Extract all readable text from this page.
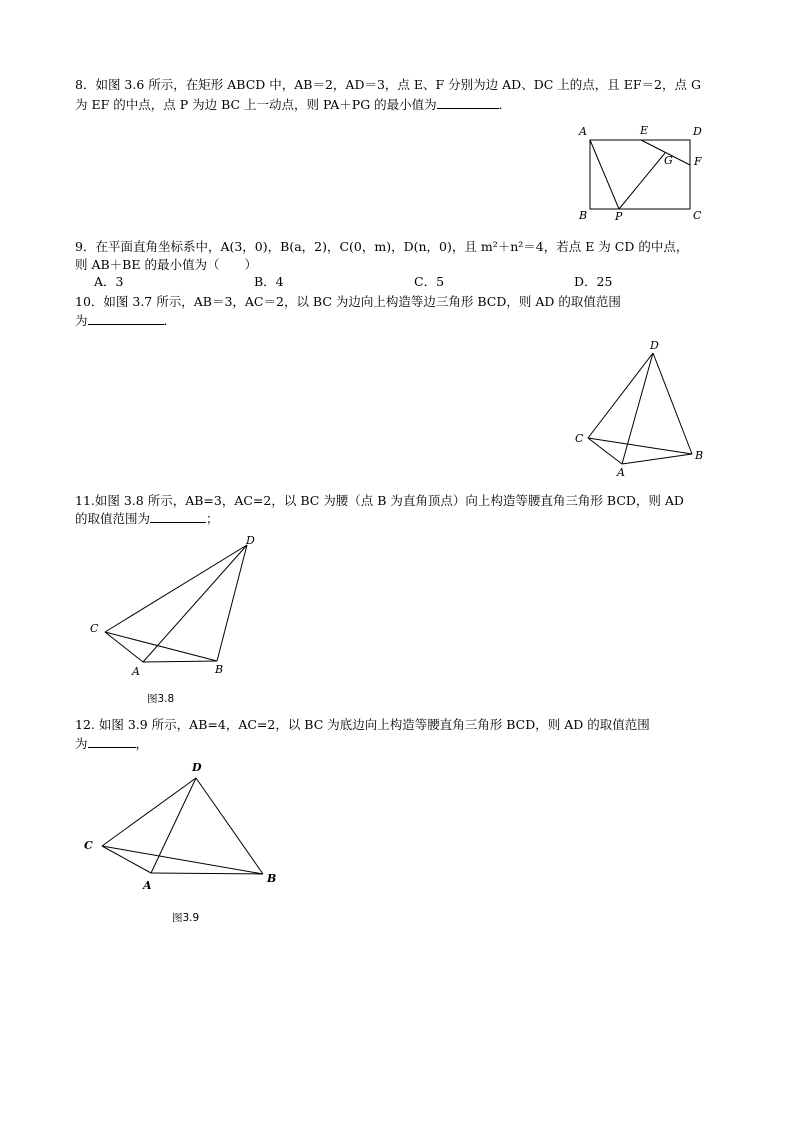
8．如图 3.6 所示，在矩形 ABCD 中，AB＝2，AD＝3，点 E、F 分别为边 AD、DC 上的点，且 EF＝2，点 G
为 EF 的中点，点 P 为边 BC 上一动点，则 PA＋PG 的最小值为	．
A	E	D
G F
B	P	C
9．在平面直角坐标系中，A(3，0)，B(a，2)，C(0，m)，D(n，0)，且 m²＋n²＝4，若点 E 为 CD 的中点，
则 AB＋BE 的最小值为（　　）
A．3	B．4	C．5	D．25
10．如图 3.7 所示，AB＝3，AC＝2，以 BC 为边向上构造等边三角形 BCD，则 AD 的取值范围
为	．
D
C
A
B
11.如图 3.8 所示，AB=3，AC=2，以 BC 为腰（点 B 为直角顶点）向上构造等腰直角三角形 BCD，则 AD
的取值范围为	；
D
C
A	B
图3.8
12. 如图 3.9 所示，AB=4，AC=2，以 BC 为底边向上构造等腰直角三角形 BCD，则 AD 的取值范围
为	，
D
C
A
B
图3.9
